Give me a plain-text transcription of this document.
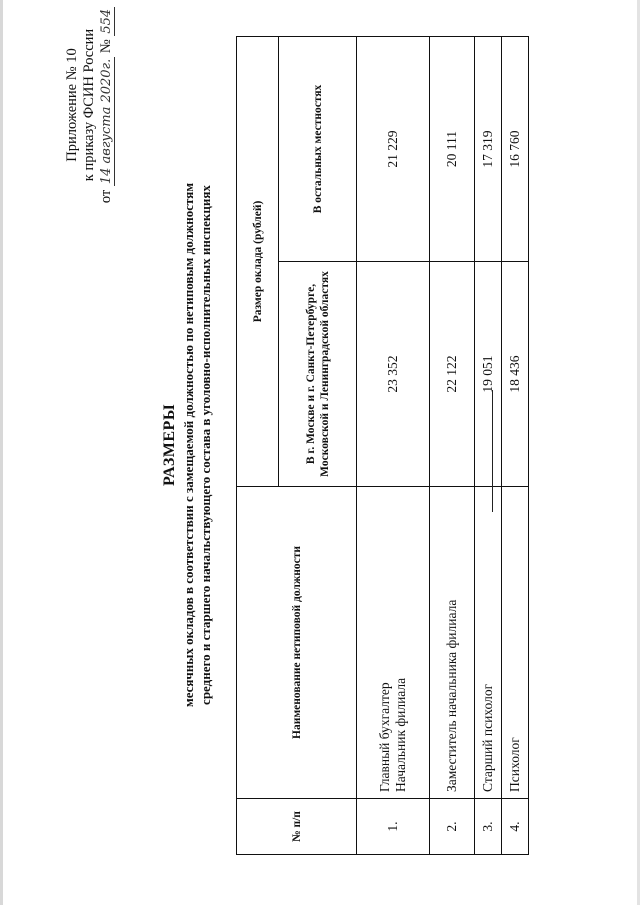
Приложение № 10 к приказу ФСИН России
от 14 августа 2020г. № 554
РАЗМЕРЫ месячных окладов в соответствии с замещаемой должностью по нетиповым должностям среднего и старшего начальствующего состава в уголовно-исполнительных инспекциях
№ п/п	Наименование нетиповой должности	Размер оклада (рублей)	
		В г. Москве и г. Санкт-Петербурге, Московской и Ленинградской областях	В остальных местностях
1.	Главный бухгалтер Начальник филиала	23 352	21 229
2.	Заместитель начальника филиала	22 122	20 111
3.	Старший психолог	19 051	17 319
4.	Психолог	18 436	16 760
